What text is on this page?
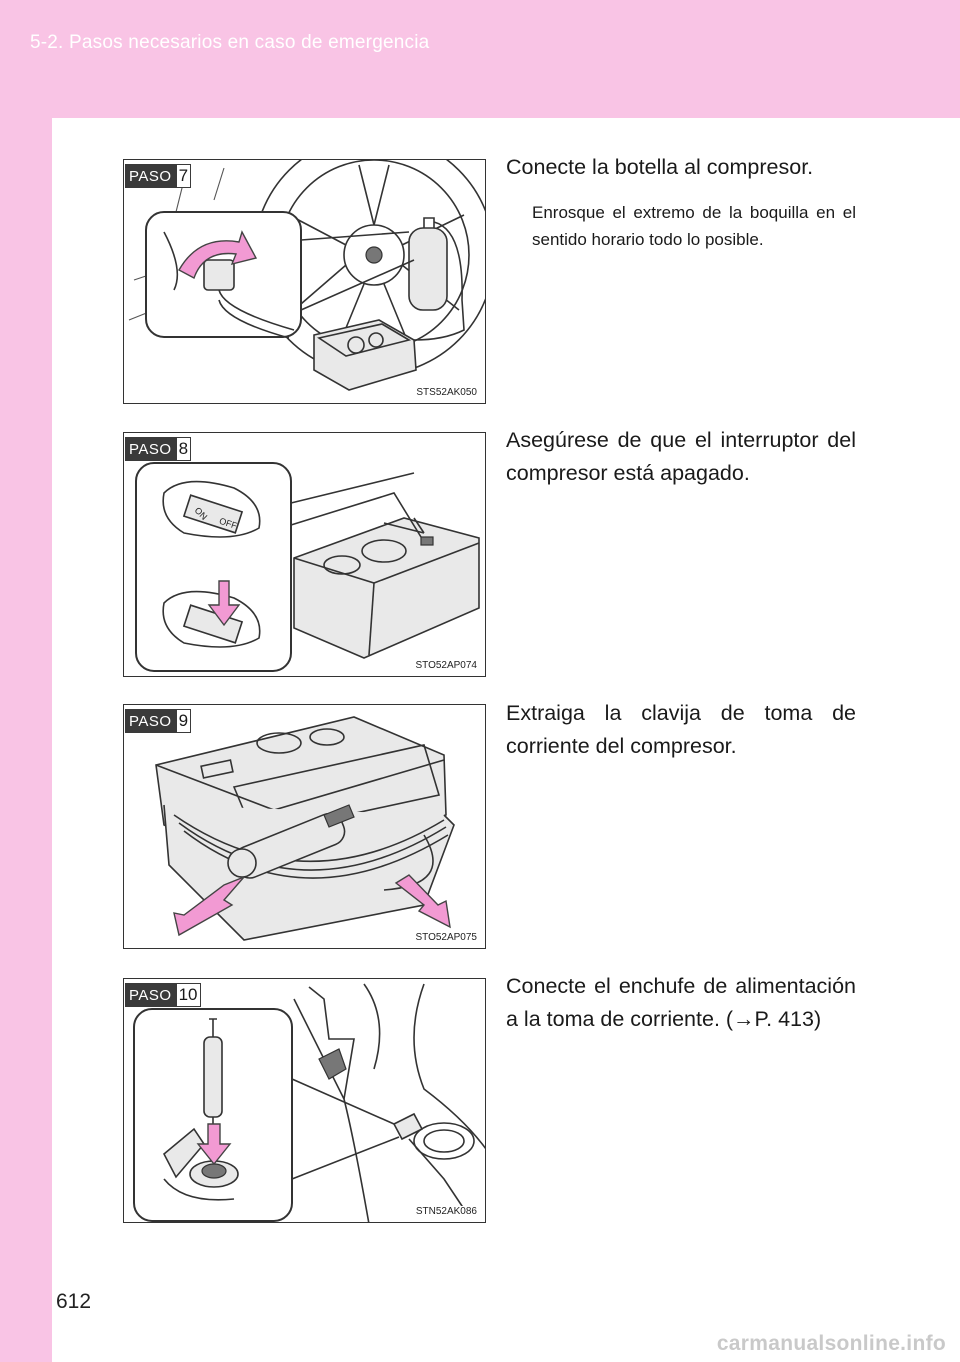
5-2. Pasos necesarios en caso de emergencia
PASO 7
STS52AK050
Conecte la botella al compresor.
Enrosque el extremo de la boquilla en el sentido horario todo lo posible.
PASO 8
ON
OFF
STO52AP074
Asegúrese de que el interruptor del compresor está apagado.
PASO 9
STO52AP075
Extraiga la clavija de toma de corriente del compresor.
PASO 10
STN52AK086
Conecte el enchufe de alimentación a la toma de corriente. (→P. 413)
612
carmanualsonline.info
